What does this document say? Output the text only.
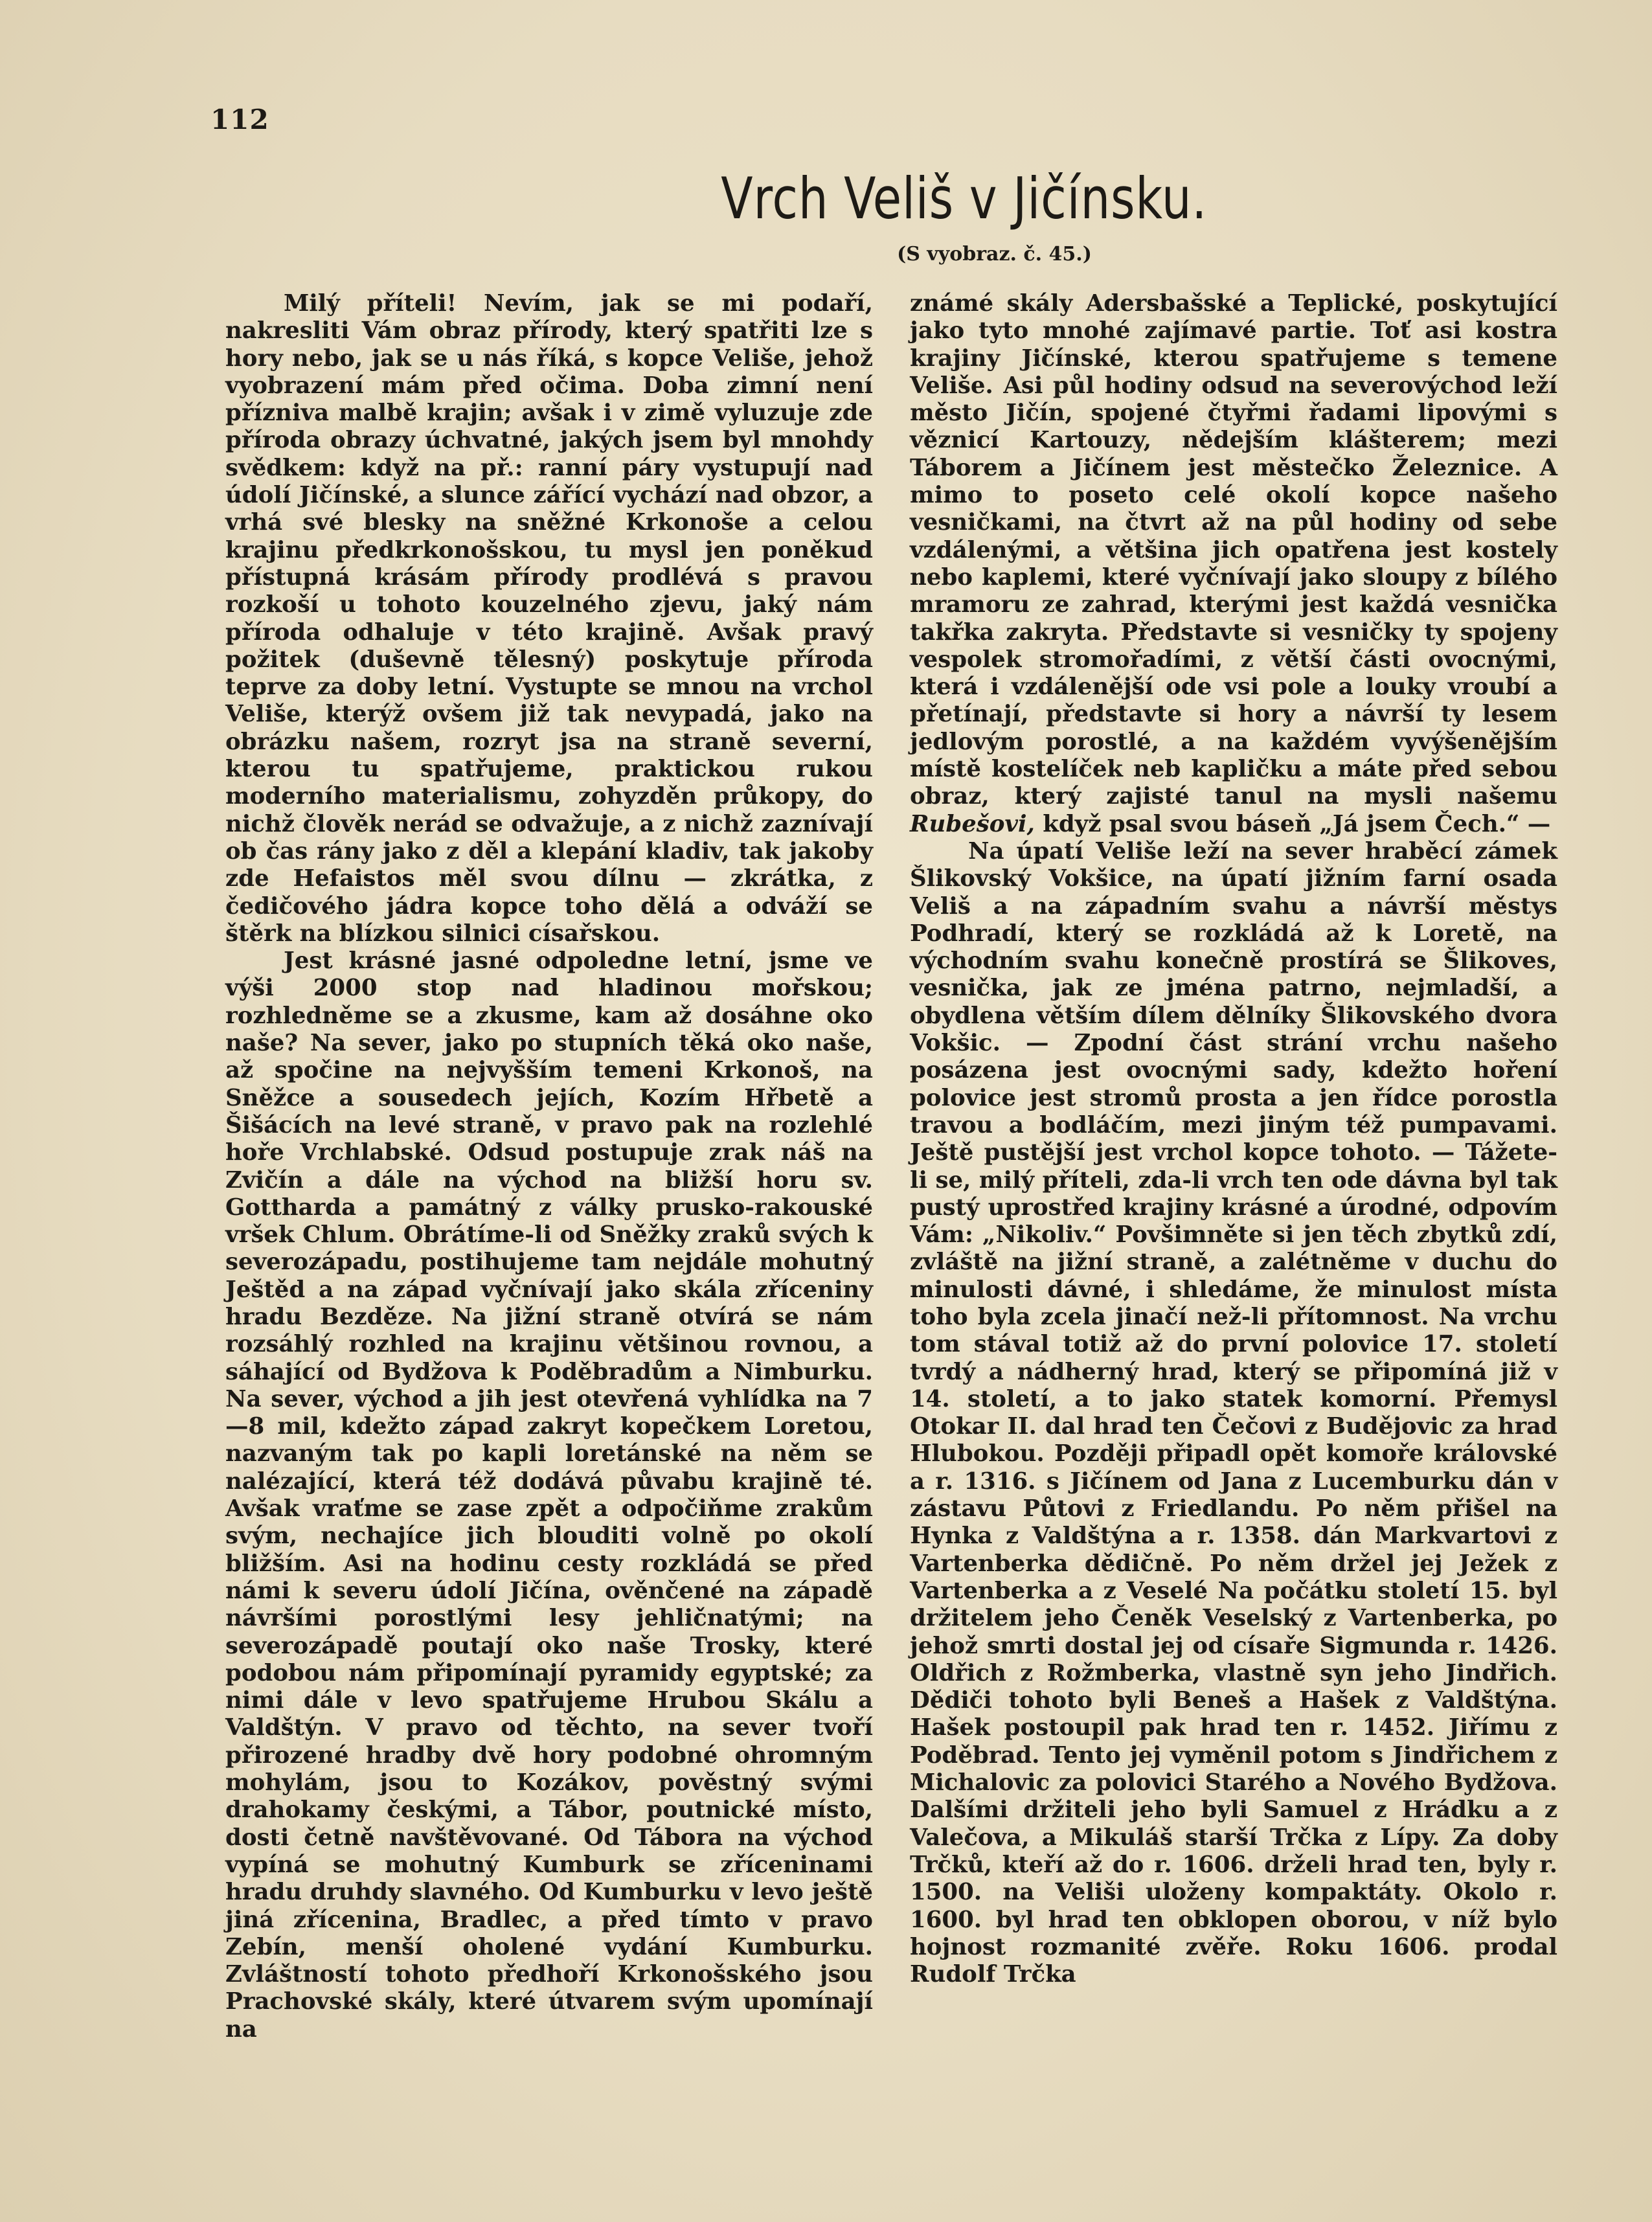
112
Vrch Veliš v Jičínsku.
(S vyobraz. č. 45.)

Milý příteli! Nevím, jak se mi podaří, nakresliti Vám obraz přírody, který spatřiti lze s hory nebo, jak se u nás říká, s kopce Veliše, jehož vyobrazení mám před očima. Doba zimní není přízniva malbě krajin; avšak i v zimě vyluzuje zde příroda obrazy úchvatné, jakých jsem byl mnohdy svědkem: když na př.: ranní páry vystupují nad údolí Jičínské, a slunce zářící vychází nad obzor, a vrhá své blesky na sněžné Krkonoše a celou krajinu předkrkonošskou, tu mysl jen poněkud přístupná krásám přírody prodlévá s pravou rozkoší u tohoto kouzelného zjevu, jaký nám příroda odhaluje v této krajině. Avšak pravý požitek (duševně tělesný) poskytuje příroda teprve za doby letní. Vystupte se mnou na vrchol Veliše, kterýž ovšem již tak nevypadá, jako na obrázku našem, rozryt jsa na straně severní, kterou tu spatřujeme, praktickou rukou moderního materialismu, zohyzděn průkopy, do nichž člověk nerád se odvažuje, a z nichž zaznívají ob čas rány jako z děl a klepání kladiv, tak jakoby zde Hefaistos měl svou dílnu — zkrátka, z čedičového jádra kopce toho dělá a odváží se štěrk na blízkou silnici císařskou.

Jest krásné jasné odpoledne letní, jsme ve výši 2000 stop nad hladinou mořskou; rozhledněme se a zkusme, kam až dosáhne oko naše? Na sever, jako po stupních těká oko naše, až spočine na nejvyšším temeni Krkonoš, na Sněžce a sousedech jejích, Kozím Hřbetě a Šišácích na levé straně, v pravo pak na rozlehlé hoře Vrchlabské. Odsud postupuje zrak náš na Zvičín a dále na východ na bližší horu sv. Gottharda a památný z války prusko-rakouské vršek Chlum. Obrátíme-li od Sněžky zraků svých k severozápadu, postihujeme tam nejdále mohutný Ještěd a na západ vyčnívají jako skála zříceniny hradu Bezděze. Na jižní straně otvírá se nám rozsáhlý rozhled na krajinu většinou rovnou, a sáhající od Bydžova k Poděbradům a Nimburku. Na sever, východ a jih jest otevřená vyhlídka na 7—8 mil, kdežto západ zakryt kopečkem Loretou, nazvaným tak po kapli loretánské na něm se nalézající, která též dodává půvabu krajině té. Avšak vraťme se zase zpět a odpočiňme zrakům svým, nechajíce jich blouditi volně po okolí bližším. Asi na hodinu cesty rozkládá se před námi k severu údolí Jičína, ověnčené na západě návršími porostlými lesy jehličnatými; na severozápadě poutají oko naše Trosky, které podobou nám připomínají pyramidy egyptské; za nimi dále v levo spatřujeme Hrubou Skálu a Valdštýn. V pravo od těchto, na sever tvoří přirozené hradby dvě hory podobné ohromným mohylám, jsou to Kozákov, pověstný svými drahokamy českými, a Tábor, poutnické místo, dosti četně navštěvované. Od Tábora na východ vypíná se mohutný Kumburk se zříceninami hradu druhdy slavného. Od Kumburku v levo ještě jiná zřícenina, Bradlec, a před tímto v pravo Zebín, menší oholené vydání Kumburku. Zvláštností tohoto předhoří Krkonošského jsou Prachovské skály, které útvarem svým upomínají na

známé skály Adersbašské a Teplické, poskytující jako tyto mnohé zajímavé partie. Toť asi kostra krajiny Jičínské, kterou spatřujeme s temene Veliše. Asi půl hodiny odsud na severovýchod leží město Jičín, spojené čtyřmi řadami lipovými s věznicí Kartouzy, nědejším klášterem; mezi Táborem a Jičínem jest městečko Železnice. A mimo to poseto celé okolí kopce našeho vesničkami, na čtvrt až na půl hodiny od sebe vzdálenými, a většina jich opatřena jest kostely nebo kaplemi, které vyčnívají jako sloupy z bílého mramoru ze zahrad, kterými jest každá vesnička takřka zakryta. Představte si vesničky ty spojeny vespolek stromořadími, z větší části ovocnými, která i vzdálenější ode vsi pole a louky vroubí a přetínají, představte si hory a návrší ty lesem jedlovým porostlé, a na každém vyvýšenějším místě kostelíček neb kapličku a máte před sebou obraz, který zajisté tanul na mysli našemu Rubešovi, když psal svou báseň „Já jsem Čech.“ —

Na úpatí Veliše leží na sever hraběcí zámek Šlikovský Vokšice, na úpatí jižním farní osada Veliš a na západním svahu a návrší městys Podhradí, který se rozkládá až k Loretě, na východním svahu konečně prostírá se Šlikoves, vesnička, jak ze jména patrno, nejmladší, a obydlena větším dílem dělníky Šlikovského dvora Vokšic. — Zpodní část strání vrchu našeho posázena jest ovocnými sady, kdežto hoření polovice jest stromů prosta a jen řídce porostla travou a bodláčím, mezi jiným též pumpavami. Ještě pustější jest vrchol kopce tohoto. — Tážete-li se, milý příteli, zda-li vrch ten ode dávna byl tak pustý uprostřed krajiny krásné a úrodné, odpovím Vám: „Nikoliv.“ Povšimněte si jen těch zbytků zdí, zvláště na jižní straně, a zalétněme v duchu do minulosti dávné, i shledáme, že minulost místa toho byla zcela jinačí než-li přítomnost. Na vrchu tom stával totiž až do první polovice 17. století tvrdý a nádherný hrad, který se připomíná již v 14. století, a to jako statek komorní. Přemysl Otokar II. dal hrad ten Čečovi z Budějovic za hrad Hlubokou. Později připadl opět komoře královské a r. 1316. s Jičínem od Jana z Lucemburku dán v zástavu Půtovi z Friedlandu. Po něm přišel na Hynka z Valdštýna a r. 1358. dán Markvartovi z Vartenberka dědičně. Po něm držel jej Ježek z Vartenberka a z Veselé Na počátku století 15. byl držitelem jeho Čeněk Veselský z Vartenberka, po jehož smrti dostal jej od císaře Sigmunda r. 1426. Oldřich z Rožmberka, vlastně syn jeho Jindřich. Dědiči tohoto byli Beneš a Hašek z Valdštýna. Hašek postoupil pak hrad ten r. 1452. Jiřímu z Poděbrad. Tento jej vyměnil potom s Jindřichem z Michalovic za polovici Starého a Nového Bydžova. Dalšími držiteli jeho byli Samuel z Hrádku a z Valečova, a Mikuláš starší Trčka z Lípy. Za doby Trčků, kteří až do r. 1606. drželi hrad ten, byly r. 1500. na Veliši uloženy kompaktáty. Okolo r. 1600. byl hrad ten obklopen oborou, v níž bylo hojnost rozmanité zvěře. Roku 1606. prodal Rudolf Trčka
